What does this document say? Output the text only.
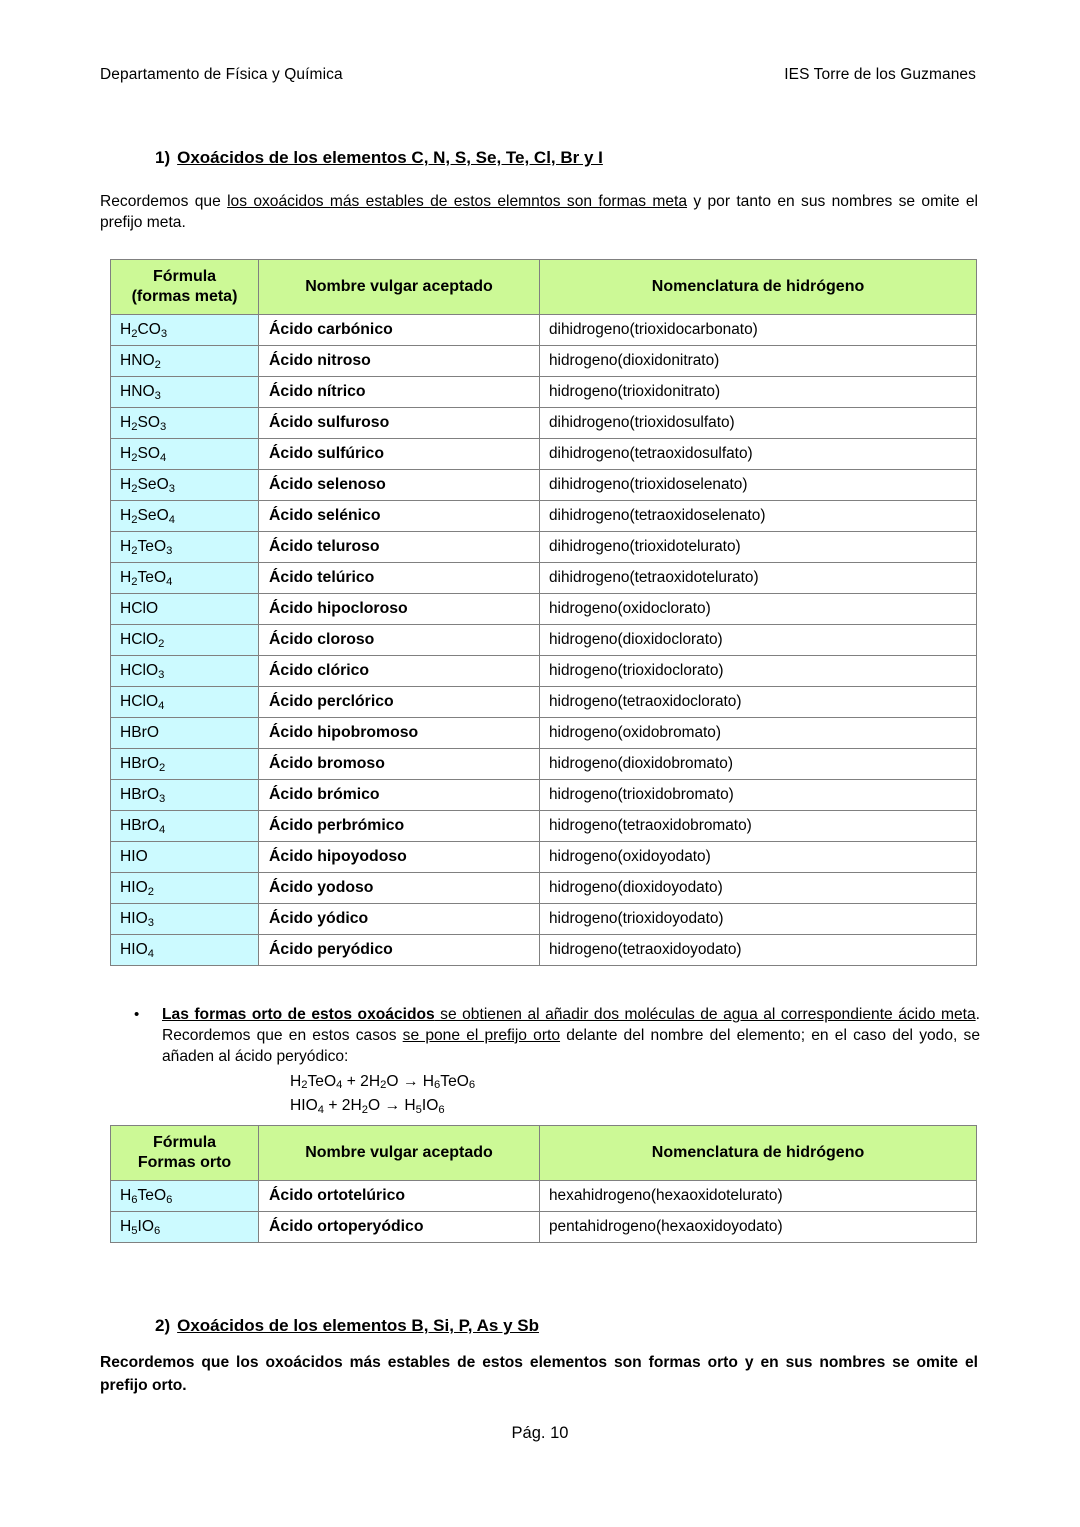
Departamento de Física y Química	IES Torre de los Guzmanes
1) Oxoácidos de los elementos C, N, S, Se, Te, Cl, Br y I
Recordemos que los oxoácidos más estables de estos elemntos son formas meta y por tanto en sus nombres se omite el prefijo meta.
Fórmula
(formas meta)	Nombre vulgar aceptado	Nomenclatura de hidrógeno
$H_2CO_3$	Ácido carbónico	dihidrogeno(trioxidocarbonato)
$HNO_2$	Ácido nitroso	hidrogeno(dioxidonitrato)
$HNO_3$	Ácido nítrico	hidrogeno(trioxidonitrato)
$H_2SO_3$	Ácido sulfuroso	dihidrogeno(trioxidosulfato)
$H_2SO_4$	Ácido sulfúrico	dihidrogeno(tetraoxidosulfato)
$H_2SeO_3$	Ácido selenoso	dihidrogeno(trioxidoselenato)
$H_2SeO_4$	Ácido selénico	dihidrogeno(tetraoxidoselenato)
$H_2TeO_3$	Ácido teluroso	dihidrogeno(trioxidotelurato)
$H_2TeO_4$	Ácido telúrico	dihidrogeno(tetraoxidotelurato)
HClO	Ácido hipocloroso	hidrogeno(oxidoclorato)
HClO$_2$	Ácido cloroso	hidrogeno(dioxidoclorato)
HClO$_3$	Ácido clórico	hidrogeno(trioxidoclorato)
HClO$_4$	Ácido perclórico	hidrogeno(tetraoxidoclorato)
HBrO	Ácido hipobromoso	hidrogeno(oxidobromato)
HBrO$_2$	Ácido bromoso	hidrogeno(dioxidobromato)
HBrO$_3$	Ácido brómico	hidrogeno(trioxidobromato)
HBrO$_4$	Ácido perbrómico	hidrogeno(tetraoxidobromato)
HIO	Ácido hipoyodoso	hidrogeno(oxidoyodato)
$HIO_2$	Ácido yodoso	hidrogeno(dioxidoyodato)
$HIO_3$	Ácido yódico	hidrogeno(trioxidoyodato)
$HIO_4$	Ácido peryódico	hidrogeno(tetraoxidoyodato)
•	Las formas orto de estos oxoácidos se obtienen al añadir dos moléculas de agua al correspondiente ácido meta. Recordemos que en estos casos se pone el prefijo orto delante del nombre del elemento; en el caso del yodo, se añaden al ácido peryódico:
$H_2TeO_4 + 2H_2O \to H_6TeO_6$
$HIO_4 + 2H_2O \to H_5IO_6$
Fórmula
Formas orto	Nombre vulgar aceptado	Nomenclatura de hidrógeno
$H_6TeO_6$	Ácido ortotelúrico	hexahidrogeno(hexaoxidotelurato)
$H_5IO_6$	Ácido ortoperyódico	pentahidrogeno(hexaoxidoyodato)
2) Oxoácidos de los elementos B, Si, P, As y Sb
Recordemos que los oxoácidos más estables de estos elementos son formas orto y en sus nombres se omite el prefijo orto.
Pág. 10
